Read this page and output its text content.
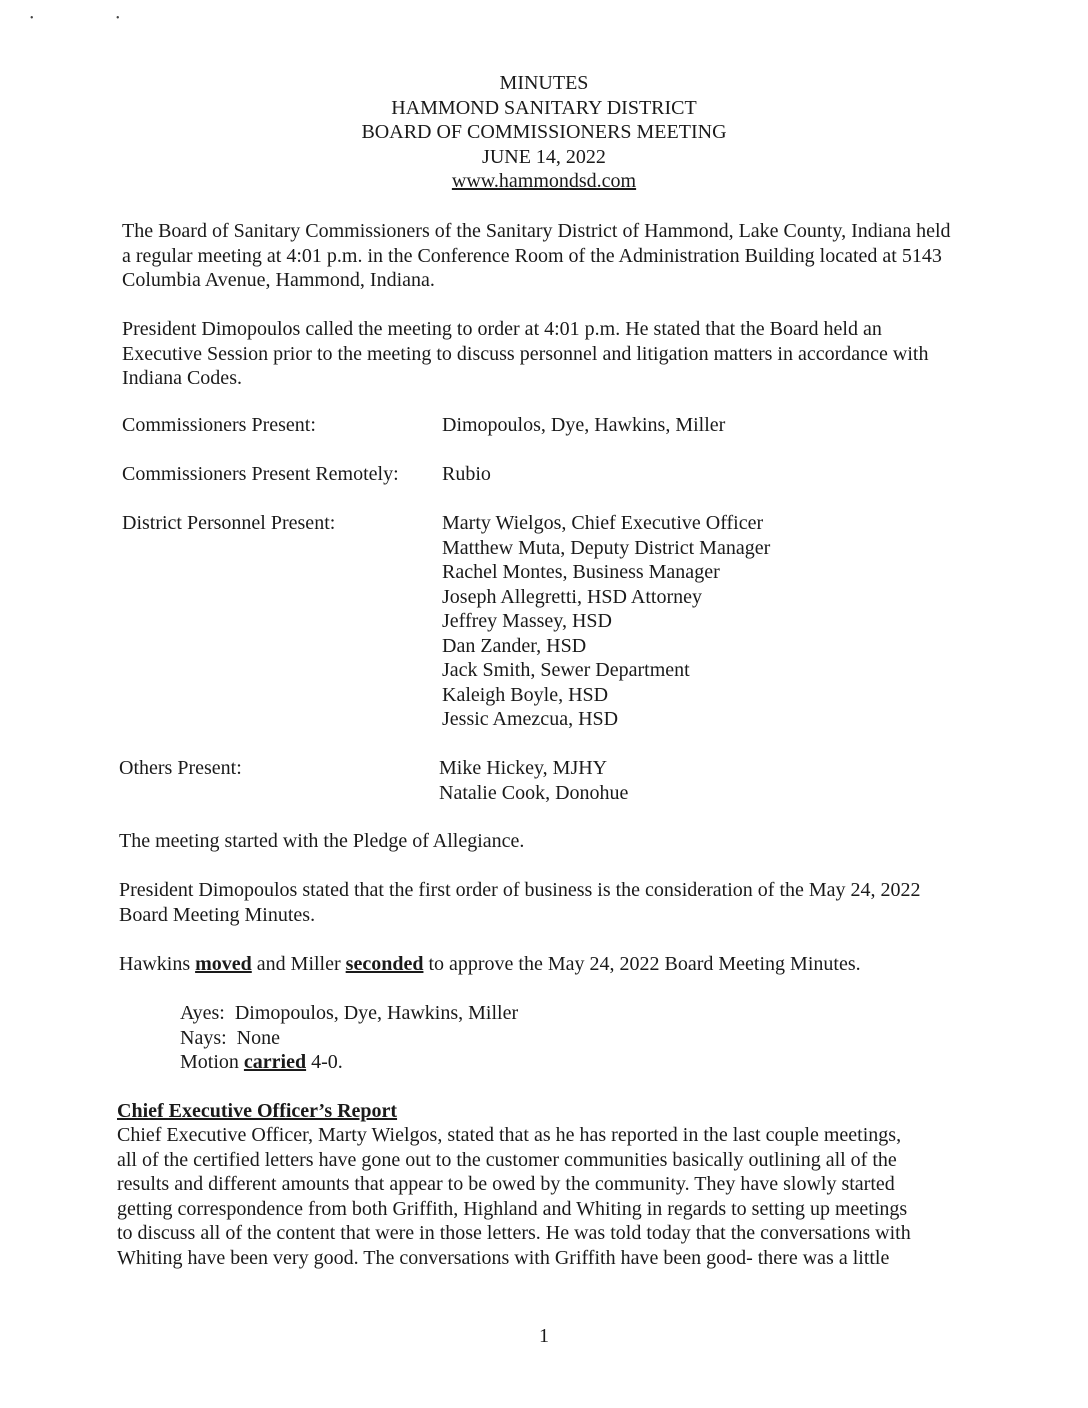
• •
MINUTES
HAMMOND SANITARY DISTRICT
BOARD OF COMMISSIONERS MEETING
JUNE 14, 2022
www.hammondsd.com
The Board of Sanitary Commissioners of the Sanitary District of Hammond, Lake County, Indiana held a regular meeting at 4:01 p.m. in the Conference Room of the Administration Building located at 5143 Columbia Avenue, Hammond, Indiana.
President Dimopoulos called the meeting to order at 4:01 p.m. He stated that the Board held an Executive Session prior to the meeting to discuss personnel and litigation matters in accordance with Indiana Codes.
Commissioners Present:	Dimopoulos, Dye, Hawkins, Miller
Commissioners Present Remotely: Rubio
District Personnel Present:	Marty Wielgos, Chief Executive Officer
Matthew Muta, Deputy District Manager
Rachel Montes, Business Manager
Joseph Allegretti, HSD Attorney
Jeffrey Massey, HSD
Dan Zander, HSD
Jack Smith, Sewer Department
Kaleigh Boyle, HSD
Jessic Amezcua, HSD
Others Present:	Mike Hickey, MJHY
Natalie Cook, Donohue
The meeting started with the Pledge of Allegiance.
President Dimopoulos stated that the first order of business is the consideration of the May 24, 2022 Board Meeting Minutes.
Hawkins moved and Miller seconded to approve the May 24, 2022 Board Meeting Minutes.
Ayes:  Dimopoulos, Dye, Hawkins, Miller
Nays:  None
Motion carried 4-0.
Chief Executive Officer’s Report
Chief Executive Officer, Marty Wielgos, stated that as he has reported in the last couple meetings,
all of the certified letters have gone out to the customer communities basically outlining all of the
results and different amounts that appear to be owed by the community. They have slowly started
getting correspondence from both Griffith, Highland and Whiting in regards to setting up meetings
to discuss all of the content that were in those letters. He was told today that the conversations with
Whiting have been very good. The conversations with Griffith have been good- there was a little
1
